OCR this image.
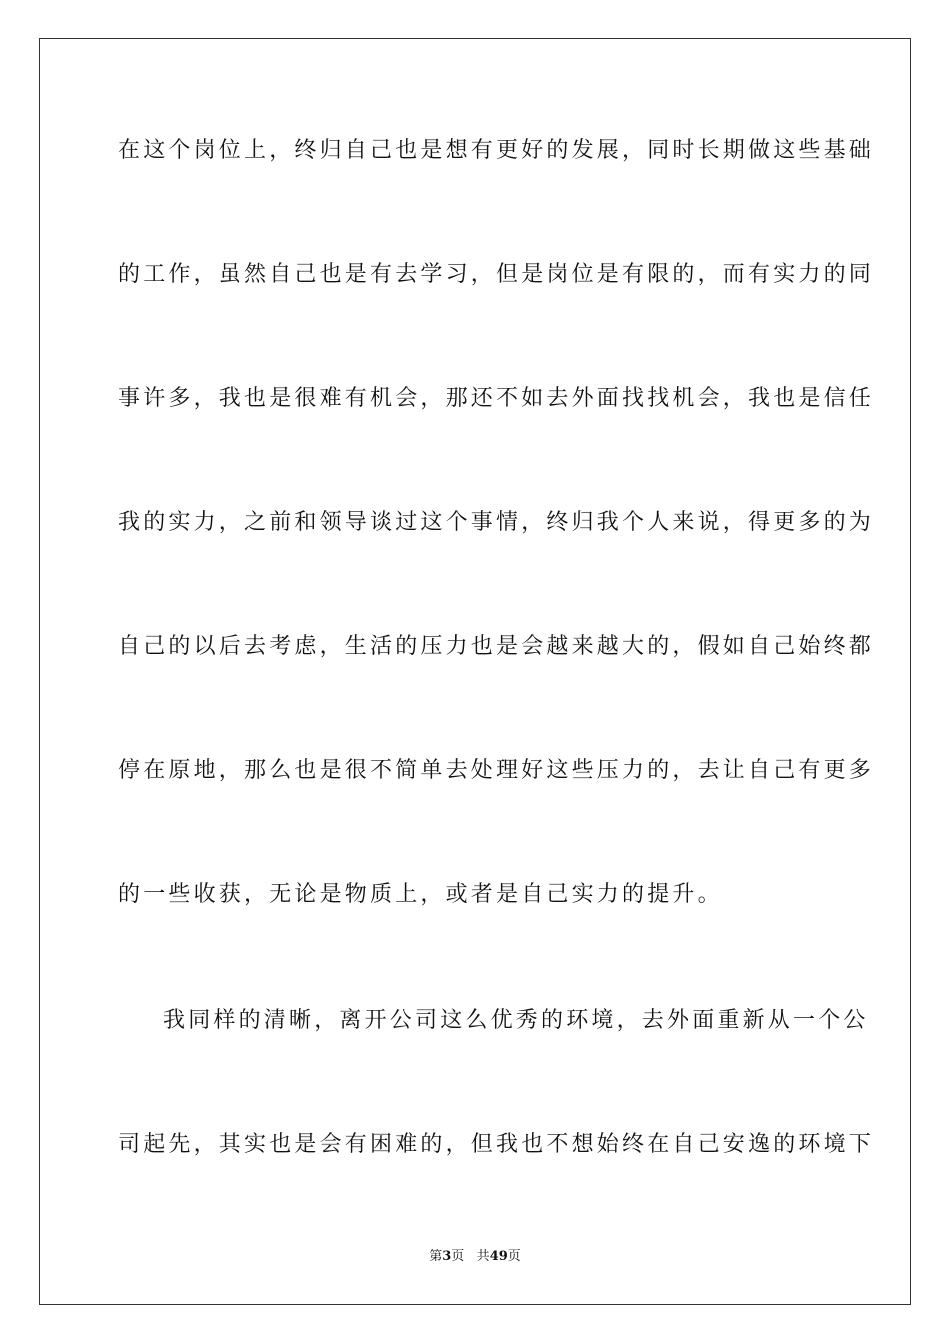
在这个岗位上，终归自己也是想有更好的发展，同时长期做这些基础
的工作，虽然自己也是有去学习，但是岗位是有限的，而有实力的同
事许多，我也是很难有机会，那还不如去外面找找机会，我也是信任
我的实力，之前和领导谈过这个事情，终归我个人来说，得更多的为
自己的以后去考虑，生活的压力也是会越来越大的，假如自己始终都
停在原地，那么也是很不简单去处理好这些压力的，去让自己有更多
的一些收获，无论是物质上，或者是自己实力的提升。
我同样的清晰，离开公司这么优秀的环境，去外面重新从一个公
司起先，其实也是会有困难的，但我也不想始终在自己安逸的环境下
第3页 共49页
